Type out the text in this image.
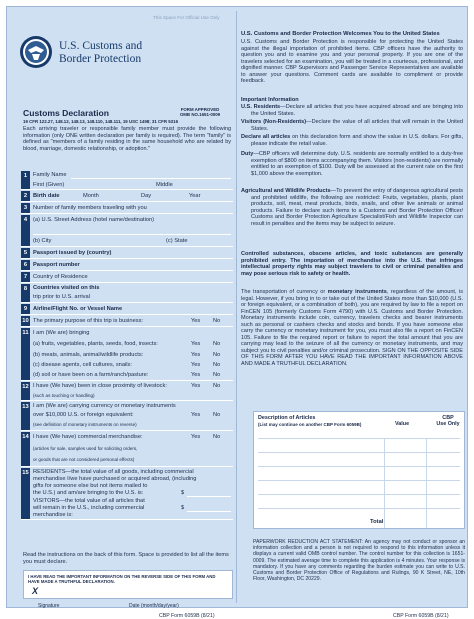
This Space For Official Use Only
U.S. Customs and
Border Protection
Customs Declaration	FORM APPROVED
OMB NO.1651-0009
19 CFR 122.27, 148.12, 148.13, 148.110, 148.111, 19 USC 1498; 31 CFR 5316
Each arriving traveler or responsible family member must provide the following information (only ONE written declaration per family is required). The term "family" is defined as "members of a family residing in the same household who are related by blood, marriage, domestic relationship, or adoption."
1	Family Name
First (Given)	Middle
2	Birth date	Month	Day	Year
3	Number of family members traveling with you
4	(a) U.S. Street Address (hotel name/destination)
(b) City	(c) State
5	Passport issued by (country)
6	Passport number
7	Country of Residence
8	Countries visited on this
trip prior to U.S. arrival
9	Airline/Flight No. or Vessel Name
10 The primary purpose of this trip is business:	Yes No
11 I am (We are) bringing
(a) fruits, vegetables, plants, seeds, food, insects:	Yes No
(b) meats, animals, animal/wildlife products:	Yes No
(c) disease agents, cell cultures, snails:	Yes No
(d) soil or have been on a farm/ranch/pasture:	Yes No
12 I have (We have) been in close proximity of livestock:	Yes No
(such as touching or handling)
13 I am (We are) carrying currency or monetary instruments
over $10,000 U.S. or foreign equivalent:	Yes No
(see definition of monetary instruments on reverse)
14 I have (We have) commercial merchandise:	Yes No
(articles for sale, samples used for soliciting orders,
or goods that are not considered personal effects)
15 RESIDENTS—the total value of all goods, including commercial
merchandise I/we have purchased or acquired abroad, (including
gifts for someone else but not items mailed to
the U.S.) and am/are bringing to the U.S. is:	$
VISITORS—the total value of all articles that
will remain in the U.S., including commercial
merchandise is:
$
Read the instructions on the back of this form. Space is provided to list all the items you must declare.
I HAVE READ THE IMPORTANT INFORMATION ON THE REVERSE SIDE OF THIS FORM AND HAVE MADE A TRUTHFUL DECLARATION.
X
Signature	Date (month/day/year)
CBP Form 6059B (8/21)
U.S. Customs and Border Protection Welcomes You to the United States
U.S. Customs and Border Protection is responsible for protecting the United States against the illegal importation of prohibited items. CBP officers have the authority to question you and to examine you and your personal property. If you are one of the travelers selected for an examination, you will be treated in a courteous, professional, and dignified manner. CBP Supervisors and Passenger Service Representatives are available to answer your questions. Comment cards are available to compliment or provide feedback.
Important Information
U.S. Residents—Declare all articles that you have acquired abroad and are bringing into the United States.
Visitors (Non-Residents)—Declare the value of all articles that will remain in the United States.
Declare all articles on this declaration form and show the value in U.S. dollars. For gifts, please indicate the retail value.
Duty—CBP officers will determine duty. U.S. residents are normally entitled to a duty-free exemption of $800 on items accompanying them. Visitors (non-residents) are normally entitled to an exemption of $100. Duty will be assessed at the current rate on the first $1,000 above the exemption.
Agricultural and Wildlife Products—To prevent the entry of dangerous agricultural pests and prohibited wildlife, the following are restricted: Fruits, vegetables, plants, plant products, soil, meat, meat products, birds, snails, and other live animals or animal products. Failure to declare such items to a Customs and Border Protection Officer/ Customs and Border Protection Agriculture Specialist/Fish and Wildlife Inspector can result in penalties and the items may be subject to seizure.
Controlled substances, obscene articles, and toxic substances are generally prohibited entry. The importation of merchandise into the U.S. that infringes intellectual property rights may subject travelers to civil or criminal penalties and may pose serious risk to safety or health.
The transportation of currency or monetary instruments, regardless of the amount, is legal. However, if you bring in to or take out of the United States more than $10,000 (U.S. or foreign equivalent, or a combination of both), you are required by law to file a report on FinCEN 105 (formerly Customs Form 4790) with U.S. Customs and Border Protection. Monetary instruments include coin, currency, travelers checks and bearer instruments such as personal or cashiers checks and stocks and bonds. If you have someone else carry the currency or monetary instrument for you, you must also file a report on FinCEN 105. Failure to file the required report or failure to report the total amount that you are carrying may lead to the seizure of all the currency or monetary instruments, and may subject you to civil penalties and/or criminal prosecution. SIGN ON THE OPPOSITE SIDE OF THIS FORM AFTER YOU HAVE READ THE IMPORTANT INFORMATION ABOVE AND MADE A TRUTHFUL DECLARATION.
Description of Articles
(List may continue on another CBP Form 6059B)	Value
CBP
Use Only
Total
PAPERWORK REDUCTION ACT STATEMENT: An agency may not conduct or sponsor an information collection and a person is not required to respond to this information unless it displays a current valid OMB control number. The control number for this collection is 1651-0009. The estimated average time to complete this application is 4 minutes. Your response is mandatory. If you have any comments regarding the burden estimate you can write to U.S. Customs and Border Protection Office of Regulations and Rulings, 90 K Street, NE, 10th Floor, Washington, DC 20229.
CBP Form 6059B (8/21)
